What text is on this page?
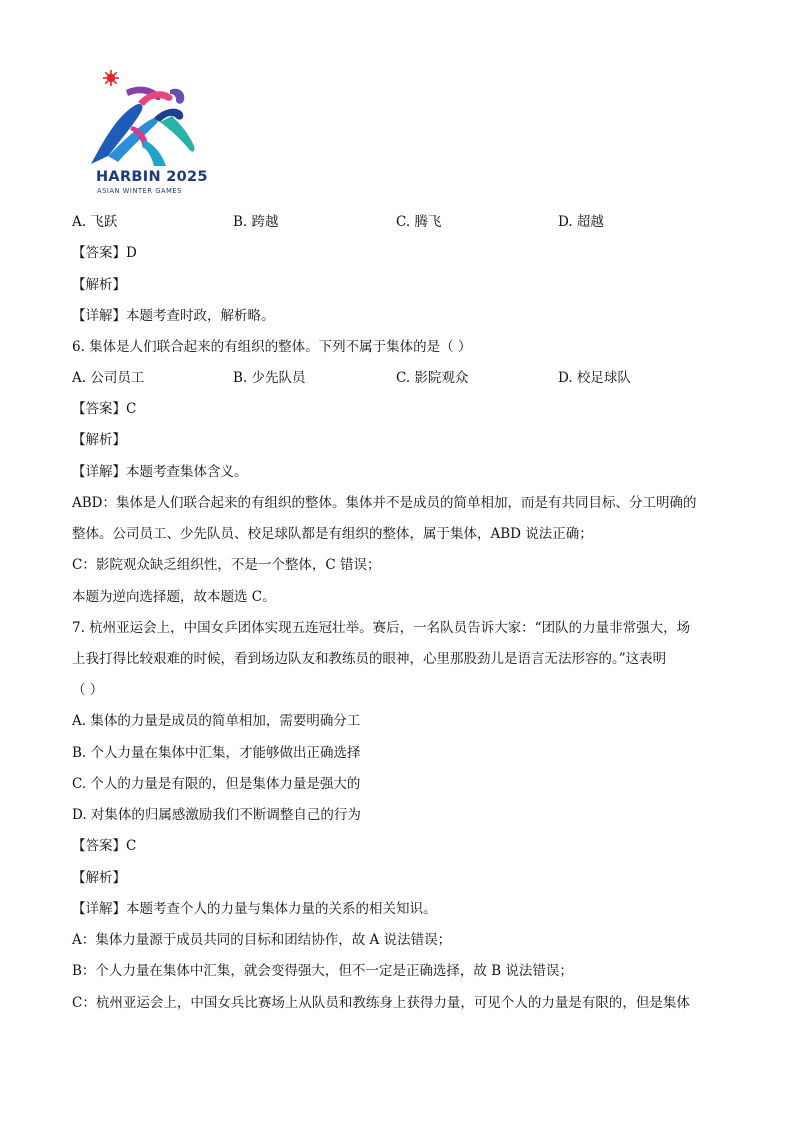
HARBIN 2025
ASIAN WINTER GAMES
A. 飞跃	B. 跨越	C. 腾飞	D. 超越
【答案】D
【解析】
【详解】本题考查时政，解析略。
6. 集体是人们联合起来的有组织的整体。下列不属于集体的是（ ）
A. 公司员工	B. 少先队员	C. 影院观众	D. 校足球队
【答案】C
【解析】
【详解】本题考查集体含义。
ABD：集体是人们联合起来的有组织的整体。集体并不是成员的简单相加，而是有共同目标、分工明确的
整体。公司员工、少先队员、校足球队都是有组织的整体，属于集体，ABD 说法正确；
C：影院观众缺乏组织性，不是一个整体，C 错误；
本题为逆向选择题，故本题选 C。
7. 杭州亚运会上，中国女乒团体实现五连冠壮举。赛后，一名队员告诉大家：“团队的力量非常强大，场
上我打得比较艰难的时候，看到场边队友和教练员的眼神，心里那股劲儿是语言无法形容的。”这表明
（ ）
A. 集体的力量是成员的简单相加，需要明确分工
B. 个人力量在集体中汇集，才能够做出正确选择
C. 个人的力量是有限的，但是集体力量是强大的
D. 对集体的归属感激励我们不断调整自己的行为
【答案】C
【解析】
【详解】本题考查个人的力量与集体力量的关系的相关知识。
A：集体力量源于成员共同的目标和团结协作，故 A 说法错误；
B：个人力量在集体中汇集，就会变得强大，但不一定是正确选择，故 B 说法错误；
C：杭州亚运会上，中国女兵比赛场上从队员和教练身上获得力量，可见个人的力量是有限的，但是集体
